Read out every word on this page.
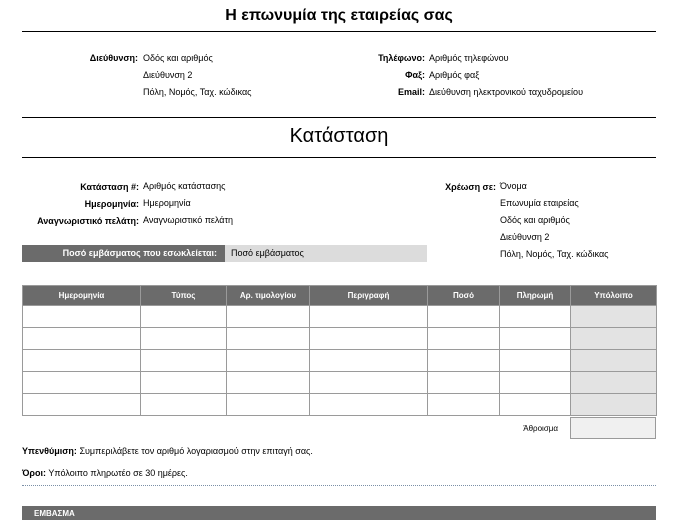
Η επωνυμία της εταιρείας σας
Διεύθυνση: Οδός και αριθμός
Διεύθυνση 2
Πόλη, Νομός, Ταχ. κώδικας
Τηλέφωνο: Αριθμός τηλεφώνου
Φαξ: Αριθμός φαξ
Email: Διεύθυνση ηλεκτρονικού ταχυδρομείου
Κατάσταση
Κατάσταση #: Αριθμός κατάστασης
Ημερομηνία: Ημερομηνία
Αναγνωριστικό πελάτη: Αναγνωριστικό πελάτη
Χρέωση σε: Όνομα
Επωνυμία εταιρείας
Οδός και αριθμός
Διεύθυνση 2
Πόλη, Νομός, Ταχ. κώδικας
Ποσό εμβάσματος που εσωκλείεται:	Ποσό εμβάσματος
Ημερομηνία	Τύπος	Αρ. τιμολογίου	Περιγραφή	Ποσό	Πληρωμή	Υπόλοιπο

Άθροισμα
Υπενθύμιση: Συμπεριλάβετε τον αριθμό λογαριασμού στην επιταγή σας.
Όροι: Υπόλοιπο πληρωτέο σε 30 ημέρες.
ΕΜΒΑΣΜΑ
